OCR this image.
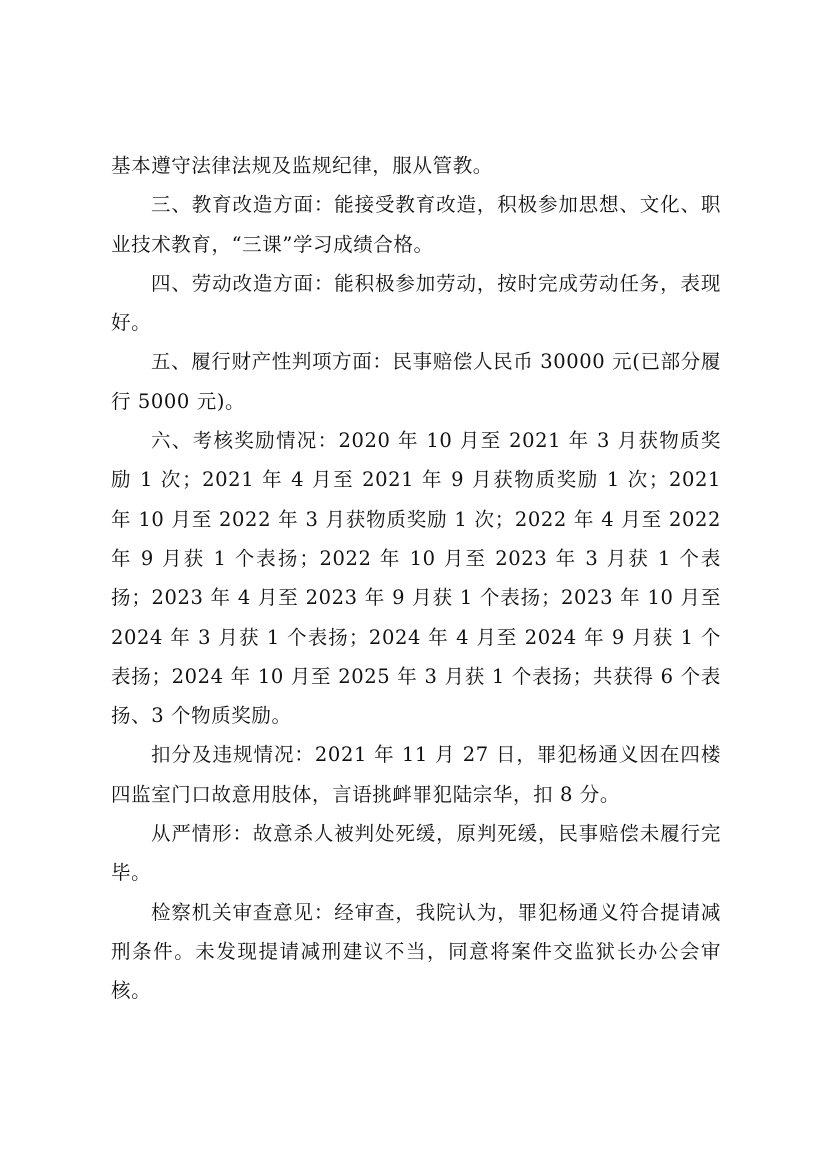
基本遵守法律法规及监规纪律，服从管教。

三、教育改造方面：能接受教育改造，积极参加思想、文化、职业技术教育，“三课”学习成绩合格。

四、劳动改造方面：能积极参加劳动，按时完成劳动任务，表现好。

五、履行财产性判项方面：民事赔偿人民币 30000 元(已部分履行 5000 元)。

六、考核奖励情况：2020 年 10 月至 2021 年 3 月获物质奖励 1 次；2021 年 4 月至 2021 年 9 月获物质奖励 1 次；2021 年 10 月至 2022 年 3 月获物质奖励 1 次；2022 年 4 月至 2022 年 9 月获 1 个表扬；2022 年 10 月至 2023 年 3 月获 1 个表扬；2023 年 4 月至 2023 年 9 月获 1 个表扬；2023 年 10 月至 2024 年 3 月获 1 个表扬；2024 年 4 月至 2024 年 9 月获 1 个表扬；2024 年 10 月至 2025 年 3 月获 1 个表扬；共获得 6 个表扬、3 个物质奖励。

扣分及违规情况：2021 年 11 月 27 日，罪犯杨通义因在四楼四监室门口故意用肢体，言语挑衅罪犯陆宗华，扣 8 分。

从严情形：故意杀人被判处死缓，原判死缓，民事赔偿未履行完毕。

检察机关审查意见：经审查，我院认为，罪犯杨通义符合提请减刑条件。未发现提请减刑建议不当，同意将案件交监狱长办公会审核。
